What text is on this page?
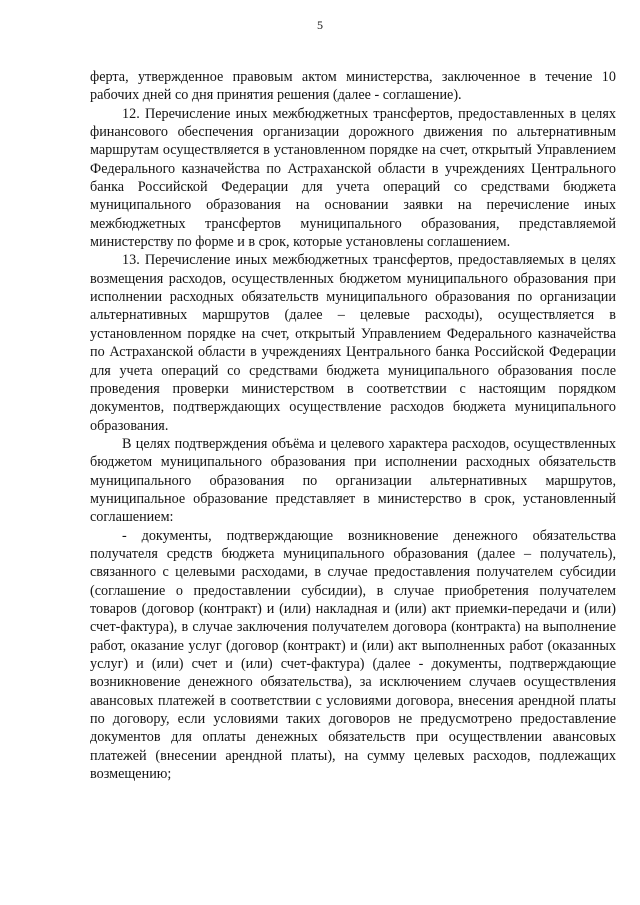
5

ферта, утвержденное правовым актом министерства, заключенное в течение 10 рабочих дней со дня принятия решения (далее - соглашение).

12. Перечисление иных межбюджетных трансфертов, предоставленных в целях финансового обеспечения организации дорожного движения по альтернативным маршрутам осуществляется в установленном порядке на счет, открытый Управлением Федерального казначейства по Астраханской области в учреждениях Центрального банка Российской Федерации для учета операций со средствами бюджета муниципального образования на основании заявки на перечисление иных межбюджетных трансфертов муниципального образования, представляемой министерству по форме и в срок, которые установлены соглашением.

13. Перечисление иных межбюджетных трансфертов, предоставляемых в целях возмещения расходов, осуществленных бюджетом муниципального образования при исполнении расходных обязательств муниципального образования по организации альтернативных маршрутов (далее – целевые расходы), осуществляется в установленном порядке на счет, открытый Управлением Федерального казначейства по Астраханской области в учреждениях Центрального банка Российской Федерации для учета операций со средствами бюджета муниципального образования после проведения проверки министерством в соответствии с настоящим порядком документов, подтверждающих осуществление расходов бюджета муниципального образования.

В целях подтверждения объёма и целевого характера расходов, осуществленных бюджетом муниципального образования при исполнении расходных обязательств муниципального образования по организации альтернативных маршрутов, муниципальное образование представляет в министерство в срок, установленный соглашением:

- документы, подтверждающие возникновение денежного обязательства получателя средств бюджета муниципального образования (далее – получатель), связанного с целевыми расходами, в случае предоставления получателем субсидии (соглашение о предоставлении субсидии), в случае приобретения получателем товаров (договор (контракт) и (или) накладная и (или) акт приемки-передачи и (или) счет-фактура), в случае заключения получателем договора (контракта) на выполнение работ, оказание услуг (договор (контракт) и (или) акт выполненных работ (оказанных услуг) и (или) счет и (или) счет-фактура) (далее - документы, подтверждающие возникновение денежного обязательства), за исключением случаев осуществления авансовых платежей в соответствии с условиями договора, внесения арендной платы по договору, если условиями таких договоров не предусмотрено предоставление документов для оплаты денежных обязательств при осуществлении авансовых платежей (внесении арендной платы), на сумму целевых расходов, подлежащих возмещению;
